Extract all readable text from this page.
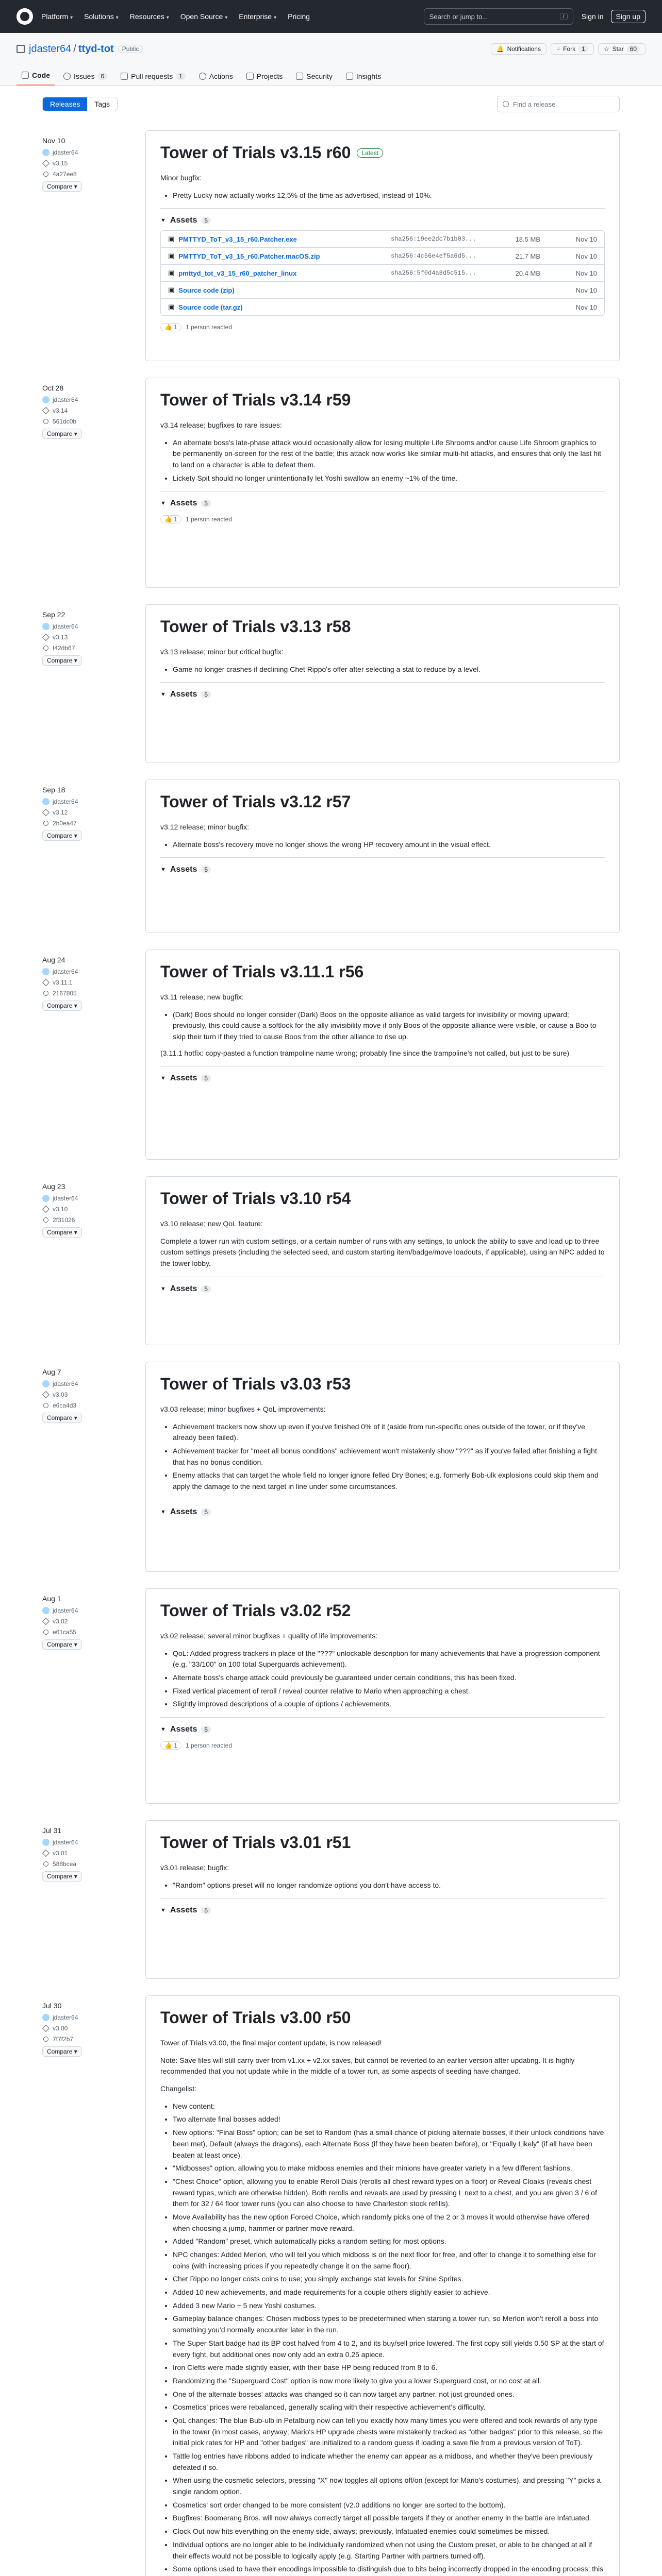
Platform ▾ Solutions ▾ Resources ▾ Open Source ▾ Enterprise ▾ Pricing	Search or jump to...	/	Sign in	Sign up
jdaster64 / ttyd-tot	Public	🔔 Notifications	⑂ Fork	1	☆ Star	60
Code	Issues	6	Pull requests	1	Actions	Projects	Security	Insights
Releases	Tags	Find a release
Nov 10
jdaster64
v3.15
4a27ee8
Compare ▾
Tower of Trials v3.15 r60	Latest

Minor bugfix:

• Pretty Lucky now actually works 12.5% of the time as advertised, instead of 10%.
▼ Assets	5
▣ PMTTYD_ToT_v3_15_r60.Patcher.exe	sha256:19ee2dc7b1b03...	18.5 MB	Nov 10
▣ PMTTYD_ToT_v3_15_r60.Patcher.macOS.zip	sha256:4c56e4ef5a6d5...	21.7 MB	Nov 10
▣ pmttyd_tot_v3_15_r60_patcher_linux	sha256:5f0d4a8d5c515...	20.4 MB	Nov 10
▣ Source code (zip)	Nov 10
▣ Source code (tar.gz)	Nov 10
👍 1	1 person reacted
Oct 28
jdaster64
v3.14
561dc0b
Compare ▾
Tower of Trials v3.14 r59

v3.14 release; bugfixes to rare issues:

• An alternate boss's late-phase attack would occasionally allow for losing multiple Life Shrooms and/or cause Life Shroom graphics to be permanently on-screen for the rest of the battle; this attack now works like similar multi-hit attacks, and ensures that only the last hit to land on a character is able to defeat them.
• Lickety Spit should no longer unintentionally let Yoshi swallow an enemy ~1% of the time.
▼ Assets	5
👍 1	1 person reacted
Sep 22
jdaster64
v3.13
f42db67
Compare ▾
Tower of Trials v3.13 r58

v3.13 release; minor but critical bugfix:

• Game no longer crashes if declining Chet Rippo's offer after selecting a stat to reduce by a level.
▼ Assets	5
Sep 18
jdaster64
v3.12
2b0ea47
Compare ▾
Tower of Trials v3.12 r57

v3.12 release; minor bugfix:

• Alternate boss's recovery move no longer shows the wrong HP recovery amount in the visual effect.
▼ Assets	5
Aug 24
jdaster64
v3.11.1
2167805
Compare ▾
Tower of Trials v3.11.1 r56

v3.11 release; new bugfix:

• (Dark) Boos should no longer consider (Dark) Boos on the opposite alliance as valid targets for invisibility or moving upward; previously, this could cause a softlock for the ally-invisibility move if only Boos of the opposite alliance were visible, or cause a Boo to skip their turn if they tried to cause Boos from the other alliance to rise up.

(3.11.1 hotfix: copy-pasted a function trampoline name wrong; probably fine since the trampoline's not called, but just to be sure)

▼ Assets	5
Aug 23
jdaster64
v3.10
2f31026
Compare ▾
Tower of Trials v3.10 r54

v3.10 release; new QoL feature:

Complete a tower run with custom settings, or a certain number of runs with any settings, to unlock the ability to save and load up to three custom settings presets (including the selected seed, and custom starting item/badge/move loadouts, if applicable), using an NPC added to the tower lobby.

▼ Assets	5
Aug 7
jdaster64
v3.03
e6ca4d3
Compare ▾
Tower of Trials v3.03 r53

v3.03 release; minor bugfixes + QoL improvements:

• Achievement trackers now show up even if you've finished 0% of it (aside from run-specific ones outside of the tower, or if they've already been failed).
• Achievement tracker for "meet all bonus conditions" achievement won't mistakenly show "???" as if you've failed after finishing a fight that has no bonus condition.
• Enemy attacks that can target the whole field no longer ignore felled Dry Bones; e.g. formerly Bob-ulk explosions could skip them and apply the damage to the next target in line under some circumstances.
▼ Assets	5
Aug 1
jdaster64
v3.02
e61ca55
Compare ▾
Tower of Trials v3.02 r52

v3.02 release; several minor bugfixes + quality of life improvements:

• QoL: Added progress trackers in place of the "???" unlockable description for many achievements that have a progression component (e.g. "33/100" on 100 total Superguards achievement).
• Alternate boss's charge attack could previously be guaranteed under certain conditions, this has been fixed.
• Fixed vertical placement of reroll / reveal counter relative to Mario when approaching a chest.
• Slightly improved descriptions of a couple of options / achievements.
▼ Assets	5
👍 1	1 person reacted
Jul 31
jdaster64
v3.01
588bcea
Compare ▾
Tower of Trials v3.01 r51

v3.01 release; bugfix:

• "Random" options preset will no longer randomize options you don't have access to.
▼ Assets	5
Jul 30
jdaster64
v3.00
7f7f2b7
Compare ▾
Tower of Trials v3.00 r50

Tower of Trials v3.00, the final major content update, is now released!

Note: Save files will still carry over from v1.xx + v2.xx saves, but cannot be reverted to an earlier version after updating. It is highly recommended that you not update while in the middle of a tower run, as some aspects of seeding have changed.

Changelist:

• New content:
• Two alternate final bosses added!
• New options: "Final Boss" option; can be set to Random (has a small chance of picking alternate bosses, if their unlock conditions have been met), Default (always the dragons), each Alternate Boss (if they have been beaten before), or "Equally Likely" (if all have been beaten at least once).
• "Midbosses" option, allowing you to make midboss enemies and their minions have greater variety in a few different fashions.
• "Chest Choice" option, allowing you to enable Reroll Dials (rerolls all chest reward types on a floor) or Reveal Cloaks (reveals chest reward types, which are otherwise hidden). Both rerolls and reveals are used by pressing L next to a chest, and you are given 3 / 6 of them for 32 / 64 floor tower runs (you can also choose to have Charleston stock refills).
• Move Availability has the new option Forced Choice, which randomly picks one of the 2 or 3 moves it would otherwise have offered when choosing a jump, hammer or partner move reward.
• Added "Random" preset, which automatically picks a random setting for most options.
• NPC changes: Added Merlon, who will tell you which midboss is on the next floor for free, and offer to change it to something else for coins (with increasing prices if you repeatedly change it on the same floor).
• Chet Rippo no longer costs coins to use; you simply exchange stat levels for Shine Sprites.
• Added 10 new achievements, and made requirements for a couple others slightly easier to achieve.
• Added 3 new Mario + 5 new Yoshi costumes.
• Gameplay balance changes: Chosen midboss types to be predetermined when starting a tower run, so Merlon won't reroll a boss into something you'd normally encounter later in the run.
• The Super Start badge had its BP cost halved from 4 to 2, and its buy/sell price lowered. The first copy still yields 0.50 SP at the start of every fight, but additional ones now only add an extra 0.25 apiece.
• Iron Clefts were made slightly easier, with their base HP being reduced from 8 to 6.
• Randomizing the "Superguard Cost" option is now more likely to give you a lower Superguard cost, or no cost at all.
• One of the alternate bosses' attacks was changed so it can now target any partner, not just grounded ones.
• Cosmetics' prices were rebalanced, generally scaling with their respective achievement's difficulty.
• QoL changes: The blue Bub-ulb in Petalburg now can tell you exactly how many times you were offered and took rewards of any type in the tower (in most cases, anyway; Mario's HP upgrade chests were mistakenly tracked as "other badges" prior to this release, so the initial pick rates for HP and "other badges" are initialized to a random guess if loading a save file from a previous version of ToT).
• Tattle log entries have ribbons added to indicate whether the enemy can appear as a midboss, and whether they've been previously defeated if so.
• When using the cosmetic selectors, pressing "X" now toggles all options off/on (except for Mario's costumes), and pressing "Y" picks a single random option.
• Cosmetics' sort order changed to be more consistent (v2.0 additions no longer are sorted to the bottom).
• Bugfixes: Boomerang Bros. will now always correctly target all possible targets if they or another enemy in the battle are Infatuated.
• Clock Out now hits everything on the enemy side, always; previously, Infatuated enemies could sometimes be missed.
• Individual options are no longer able to be individually randomized when not using the Custom preset, or able to be changed at all if their effects would not be possible to logically apply (e.g. Starting Partner with partners turned off).
• Some options used to have their encodings impossible to distinguish due to bits being incorrectly dropped in the encoding process; this
